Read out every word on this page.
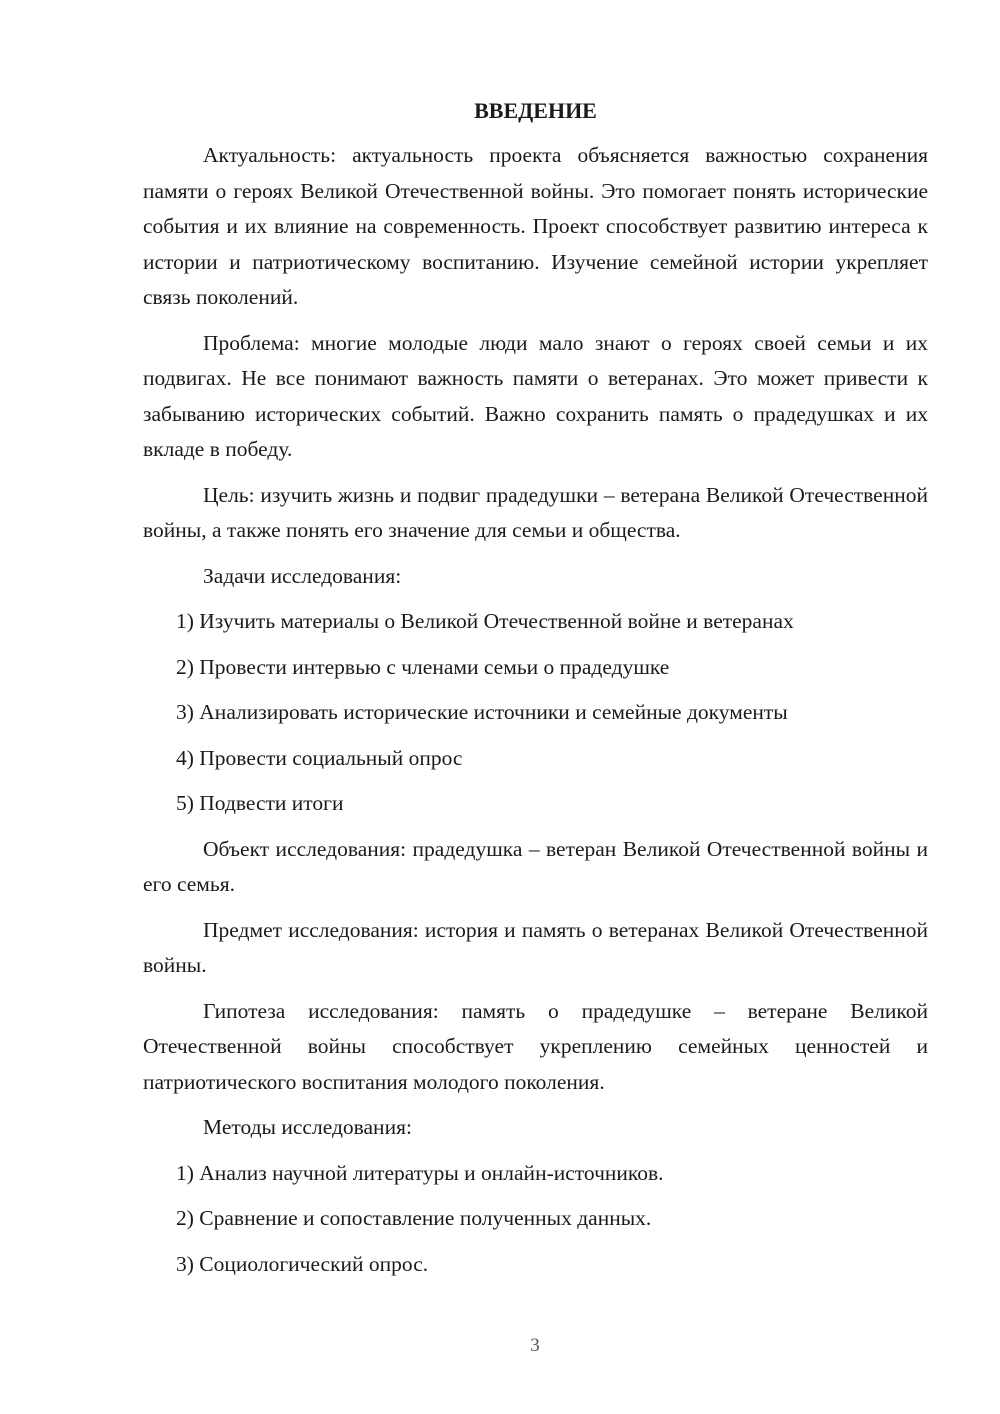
ВВЕДЕНИЕ

Актуальность: актуальность проекта объясняется важностью сохранения памяти о героях Великой Отечественной войны. Это помогает понять исторические события и их влияние на современность. Проект способствует развитию интереса к истории и патриотическому воспитанию. Изучение семейной истории укрепляет связь поколений.

Проблема: многие молодые люди мало знают о героях своей семьи и их подвигах. Не все понимают важность памяти о ветеранах. Это может привести к забыванию исторических событий. Важно сохранить память о прадедушках и их вкладе в победу.

Цель: изучить жизнь и подвиг прадедушки – ветерана Великой Отечественной войны, а также понять его значение для семьи и общества.

Задачи исследования:

1) Изучить материалы о Великой Отечественной войне и ветеранах

2) Провести интервью с членами семьи о прадедушке

3) Анализировать исторические источники и семейные документы

4) Провести социальный опрос

5) Подвести итоги

Объект исследования: прадедушка – ветеран Великой Отечественной войны и его семья.

Предмет исследования: история и память о ветеранах Великой Отечественной войны.

Гипотеза исследования: память о прадедушке – ветеране Великой Отечественной войны способствует укреплению семейных ценностей и патриотического воспитания молодого поколения.

Методы исследования:

1) Анализ научной литературы и онлайн-источников.

2) Сравнение и сопоставление полученных данных.

3) Социологический опрос.

3
